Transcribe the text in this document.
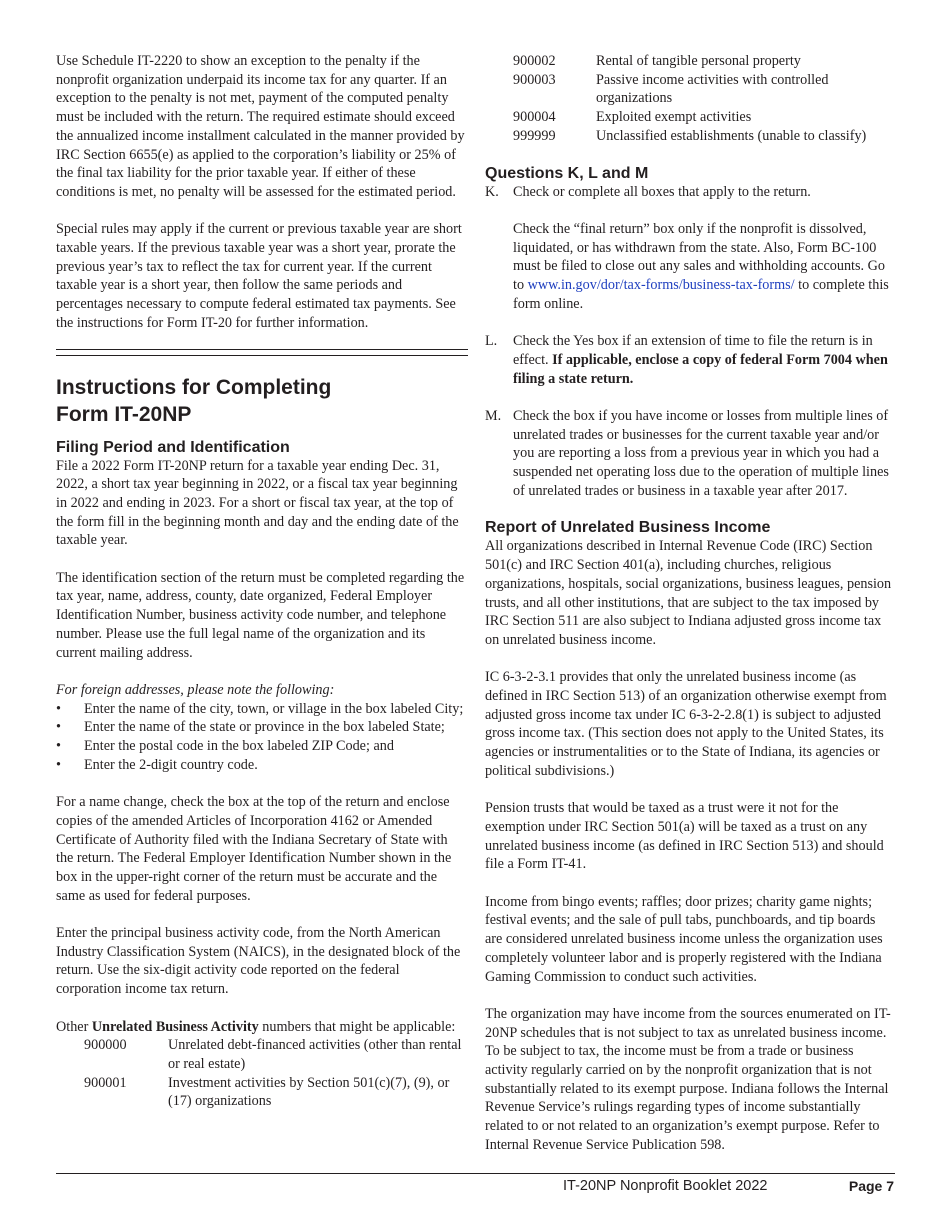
Use Schedule IT-2220 to show an exception to the penalty if the nonprofit organization underpaid its income tax for any quarter. If an exception to the penalty is not met, payment of the computed penalty must be included with the return. The required estimate should exceed the annualized income installment calculated in the manner provided by IRC Section 6655(e) as applied to the corporation’s liability or 25% of the final tax liability for the prior taxable year. If either of these conditions is met, no penalty will be assessed for the estimated period.

Special rules may apply if the current or previous taxable year are short taxable years. If the previous taxable year was a short year, prorate the previous year’s tax to reflect the tax for current year. If the current taxable year is a short year, then follow the same periods and percentages necessary to compute federal estimated tax payments. See the instructions for Form IT-20 for further information.

Instructions for Completing
Form IT-20NP
Filing Period and Identification

File a 2022 Form IT-20NP return for a taxable year ending Dec. 31, 2022, a short tax year beginning in 2022, or a fiscal tax year beginning in 2022 and ending in 2023. For a short or fiscal tax year, at the top of the form fill in the beginning month and day and the ending date of the taxable year.

The identification section of the return must be completed regarding the tax year, name, address, county, date organized, Federal Employer Identification Number, business activity code number, and telephone number. Please use the full legal name of the organization and its current mailing address.

For foreign addresses, please note the following:

• Enter the name of the city, town, or village in the box labeled City;
• Enter the name of the state or province in the box labeled State;
• Enter the postal code in the box labeled ZIP Code; and
• Enter the 2-digit country code.

For a name change, check the box at the top of the return and enclose copies of the amended Articles of Incorporation 4162 or Amended Certificate of Authority filed with the Indiana Secretary of State with the return. The Federal Employer Identification Number shown in the box in the upper-right corner of the return must be accurate and the same as used for federal purposes.

Enter the principal business activity code, from the North American Industry Classification System (NAICS), in the designated block of the return. Use the six-digit activity code reported on the federal corporation income tax return.

Other Unrelated Business Activity numbers that might be applicable:

900000	Unrelated debt-financed activities (other than rental or real estate)
900001	Investment activities by Section 501(c)(7), (9), or (17) organizations
900002	Rental of tangible personal property
900003	Passive income activities with controlled organizations
900004	Exploited exempt activities
999999	Unclassified establishments (unable to classify)
Questions K, L and M
K.	Check or complete all boxes that apply to the return.

Check the “final return” box only if the nonprofit is dissolved, liquidated, or has withdrawn from the state. Also, Form BC-100 must be filed to close out any sales and withholding accounts. Go to www.in.gov/dor/tax-forms/business-tax-forms/ to complete this form online.

L.	Check the Yes box if an extension of time to file the return is in effect. If applicable, enclose a copy of federal Form 7004 when filing a state return.

M. Check the box if you have income or losses from multiple lines of unrelated trades or businesses for the current taxable year and/or you are reporting a loss from a previous year in which you had a suspended net operating loss due to the operation of multiple lines of unrelated trades or business in a taxable year after 2017.

Report of Unrelated Business Income

All organizations described in Internal Revenue Code (IRC) Section 501(c) and IRC Section 401(a), including churches, religious organizations, hospitals, social organizations, business leagues, pension trusts, and all other institutions, that are subject to the tax imposed by IRC Section 511 are also subject to Indiana adjusted gross income tax on unrelated business income.

IC 6-3-2-3.1 provides that only the unrelated business income (as defined in IRC Section 513) of an organization otherwise exempt from adjusted gross income tax under IC 6-3-2-2.8(1) is subject to adjusted gross income tax. (This section does not apply to the United States, its agencies or instrumentalities or to the State of Indiana, its agencies or political subdivisions.)

Pension trusts that would be taxed as a trust were it not for the exemption under IRC Section 501(a) will be taxed as a trust on any unrelated business income (as defined in IRC Section 513) and should file a Form IT-41.

Income from bingo events; raffles; door prizes; charity game nights; festival events; and the sale of pull tabs, punchboards, and tip boards are considered unrelated business income unless the organization uses completely volunteer labor and is properly registered with the Indiana Gaming Commission to conduct such activities.

The organization may have income from the sources enumerated on IT-20NP schedules that is not subject to tax as unrelated business income. To be subject to tax, the income must be from a trade or business activity regularly carried on by the nonprofit organization that is not substantially related to its exempt purpose. Indiana follows the Internal Revenue Service’s rulings regarding types of income substantially related to or not related to an organization’s exempt purpose. Refer to Internal Revenue Service Publication 598.

IT-20NP Nonprofit Booklet 2022	Page 7
